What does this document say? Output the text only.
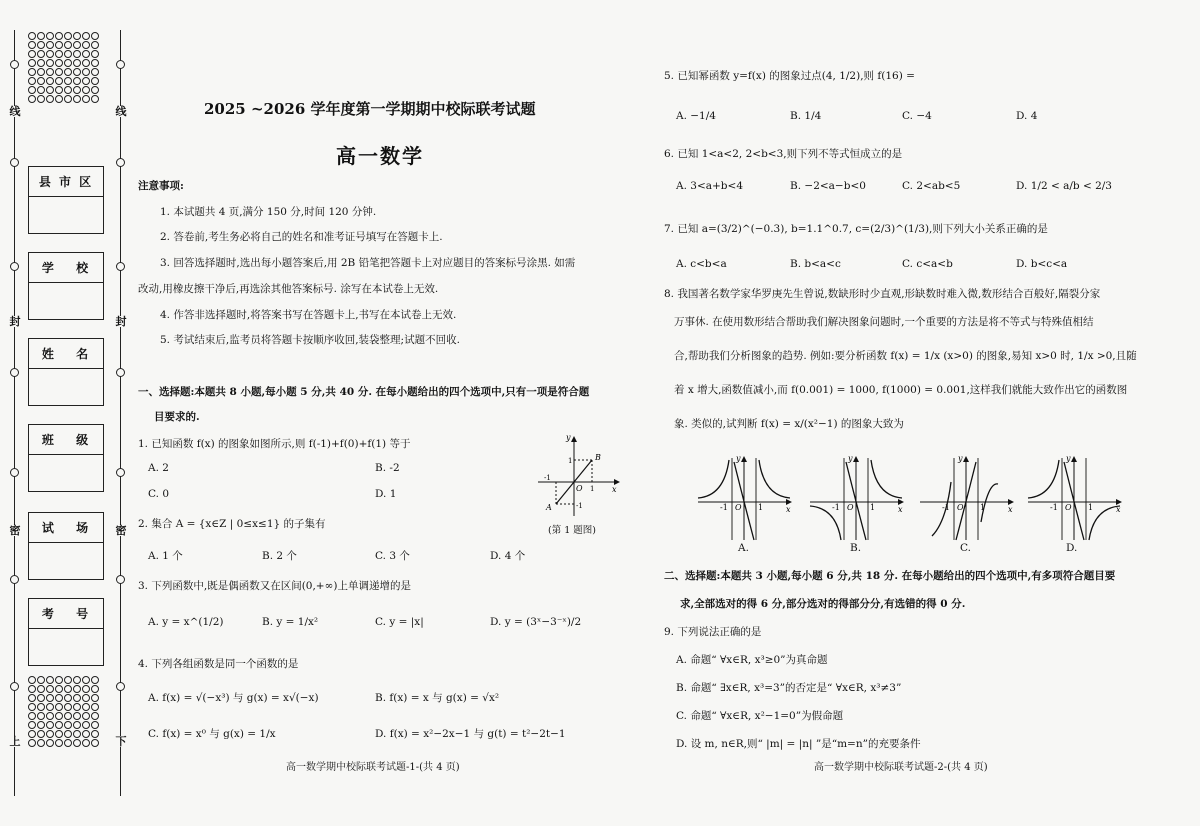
线	线
封	封
密	密
上	下
县 市 区
学　 校
姓　 名
班　 级
试　 场
考　 号
2025 ~2026 学年度第一学期期中校际联考试题
高一数学
注意事项:
1. 本试题共 4 页,满分 150 分,时间 120 分钟.
2. 答卷前,考生务必将自己的姓名和准考证号填写在答题卡上.
3. 回答选择题时,选出每小题答案后,用 2B 铅笔把答题卡上对应题目的答案标号涂黑. 如需
改动,用橡皮擦干净后,再选涂其他答案标号. 涂写在本试卷上无效.
4. 作答非选择题时,将答案书写在答题卡上,书写在本试卷上无效.
5. 考试结束后,监考员将答题卡按顺序收回,装袋整理;试题不回收.
一、选择题:本题共 8 小题,每小题 5 分,共 40 分. 在每小题给出的四个选项中,只有一项是符合题
目要求的.
1. 已知函数 f(x) 的图象如图所示,则 f(-1)+f(0)+f(1) 等于
A. 2	B. -2
C. 0	D. 1
y
x
B
A
O
1
-1
1
-1
(第 1 题图)
2. 集合 A = {x∈Z | 0≤x≤1} 的子集有
A. 1 个	B. 2 个	C. 3 个	D. 4 个
3. 下列函数中,既是偶函数又在区间(0,+∞)上单调递增的是
A. y = x^(1/2)	B. y = 1/x²	C. y = |x|	D. y = (3ˣ−3⁻ˣ)/2
4. 下列各组函数是同一个函数的是
A. f(x) = √(−x³) 与 g(x) = x√(−x)	B. f(x) = x 与 g(x) = √x²
C. f(x) = x⁰ 与 g(x) = 1/x	D. f(x) = x²−2x−1 与 g(t) = t²−2t−1
高一数学期中校际联考试题-1-(共 4 页)
5. 已知幂函数 y=f(x) 的图象过点(4, 1/2),则 f(16) =
A. −1/4	B. 1/4	C. −4	D. 4
6. 已知 1<a<2, 2<b<3,则下列不等式恒成立的是
A. 3<a+b<4	B. −2<a−b<0	C. 2<ab<5	D. 1/2 < a/b < 2/3
7. 已知 a=(3/2)^(−0.3), b=1.1^0.7, c=(2/3)^(1/3),则下列大小关系正确的是
A. c<b<a	B. b<a<c	C. c<a<b	D. b<c<a
8. 我国著名数学家华罗庚先生曾说,数缺形时少直观,形缺数时难入微,数形结合百般好,隔裂分家
万事休. 在使用数形结合帮助我们解决图象问题时,一个重要的方法是将不等式与特殊值相结
合,帮助我们分析图象的趋势. 例如:要分析函数 f(x) = 1/x (x>0) 的图象,易知 x>0 时, 1/x >0,且随
着 x 增大,函数值减小,而 f(0.001) = 1000, f(1000) = 0.001,这样我们就能大致作出它的函数图
象. 类似的,试判断 f(x) = x/(x²−1) 的图象大致为
y
x
O
-1	1
y
x
O
-1	1
y
x
O
-1	1
y
x
O
-1	1
A.	B.	C.	D.
二、选择题:本题共 3 小题,每小题 6 分,共 18 分. 在每小题给出的四个选项中,有多项符合题目要
求,全部选对的得 6 分,部分选对的得部分分,有选错的得 0 分.
9. 下列说法正确的是
A. 命题“ ∀x∈R, x³≥0”为真命题
B. 命题“ ∃x∈R, x³=3”的否定是“ ∀x∈R, x³≠3”
C. 命题“ ∀x∈R, x²−1=0”为假命题
D. 设 m, n∈R,则“ |m| = |n| ”是“m=n”的充要条件
高一数学期中校际联考试题-2-(共 4 页)
